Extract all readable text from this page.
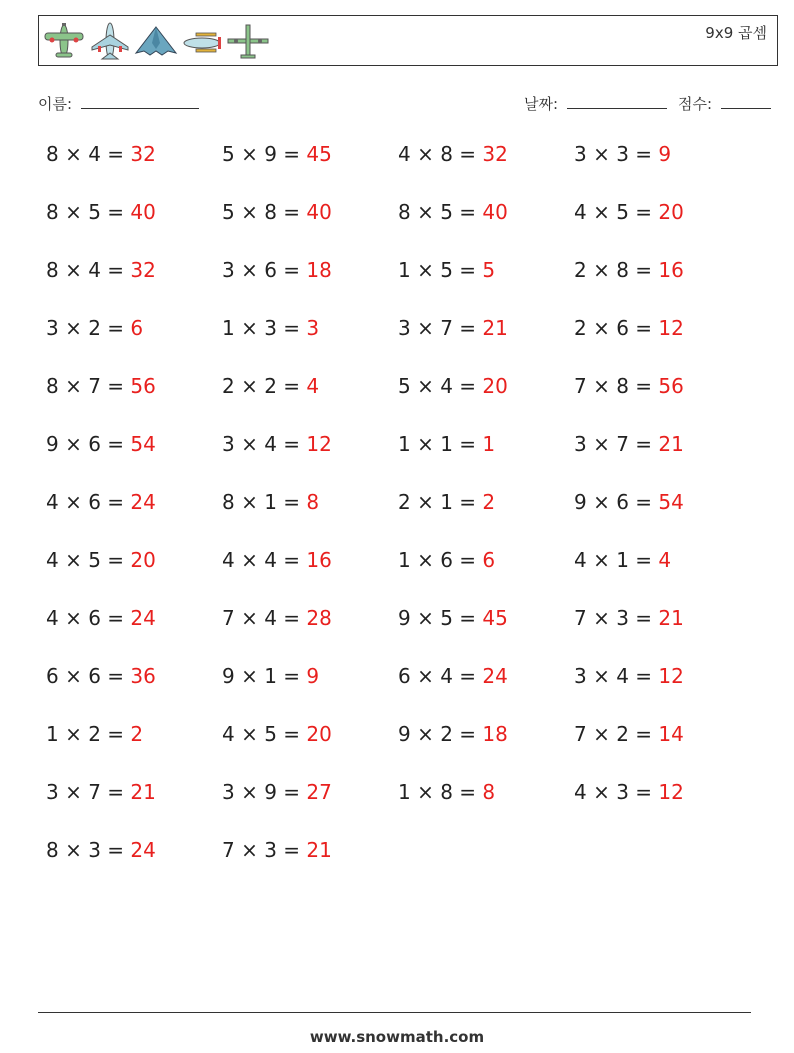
9x9 곱셈
이름:	날짜:	점수:
8 × 4 = 32	5 × 9 = 45	4 × 8 = 32	3 × 3 = 9
8 × 5 = 40	5 × 8 = 40	8 × 5 = 40	4 × 5 = 20
8 × 4 = 32	3 × 6 = 18	1 × 5 = 5	2 × 8 = 16
3 × 2 = 6	1 × 3 = 3	3 × 7 = 21	2 × 6 = 12
8 × 7 = 56	2 × 2 = 4	5 × 4 = 20	7 × 8 = 56
9 × 6 = 54	3 × 4 = 12	1 × 1 = 1	3 × 7 = 21
4 × 6 = 24	8 × 1 = 8	2 × 1 = 2	9 × 6 = 54
4 × 5 = 20	4 × 4 = 16	1 × 6 = 6	4 × 1 = 4
4 × 6 = 24	7 × 4 = 28	9 × 5 = 45	7 × 3 = 21
6 × 6 = 36	9 × 1 = 9	6 × 4 = 24	3 × 4 = 12
1 × 2 = 2	4 × 5 = 20	9 × 2 = 18	7 × 2 = 14
3 × 7 = 21	3 × 9 = 27	1 × 8 = 8	4 × 3 = 12
8 × 3 = 24	7 × 3 = 21
www.snowmath.com
